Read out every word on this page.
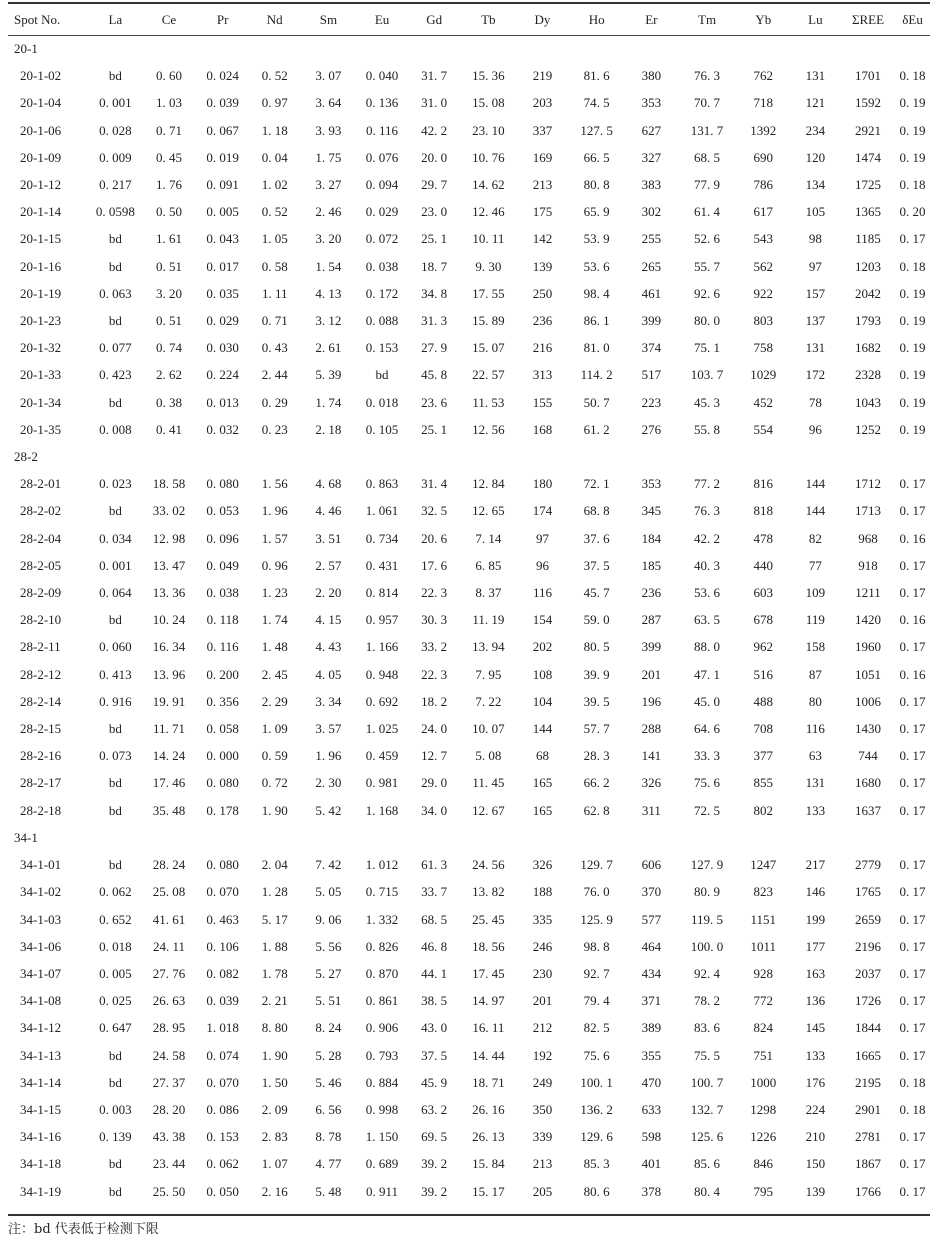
Spot No.	La	Ce	Pr	Nd	Sm	Eu	Gd	Tb	Dy	Ho	Er	Tm	Yb	Lu	ΣREE	δEu
20-1																
20-1-02	bd	0. 60	0. 024	0. 52	3. 07	0. 040	31. 7	15. 36	219	81. 6	380	76. 3	762	131	1701	0. 18
20-1-04	0. 001	1. 03	0. 039	0. 97	3. 64	0. 136	31. 0	15. 08	203	74. 5	353	70. 7	718	121	1592	0. 19
20-1-06	0. 028	0. 71	0. 067	1. 18	3. 93	0. 116	42. 2	23. 10	337	127. 5	627	131. 7	1392	234	2921	0. 19
20-1-09	0. 009	0. 45	0. 019	0. 04	1. 75	0. 076	20. 0	10. 76	169	66. 5	327	68. 5	690	120	1474	0. 19
20-1-12	0. 217	1. 76	0. 091	1. 02	3. 27	0. 094	29. 7	14. 62	213	80. 8	383	77. 9	786	134	1725	0. 18
20-1-14	0. 0598	0. 50	0. 005	0. 52	2. 46	0. 029	23. 0	12. 46	175	65. 9	302	61. 4	617	105	1365	0. 20
20-1-15	bd	1. 61	0. 043	1. 05	3. 20	0. 072	25. 1	10. 11	142	53. 9	255	52. 6	543	98	1185	0. 17
20-1-16	bd	0. 51	0. 017	0. 58	1. 54	0. 038	18. 7	9. 30	139	53. 6	265	55. 7	562	97	1203	0. 18
20-1-19	0. 063	3. 20	0. 035	1. 11	4. 13	0. 172	34. 8	17. 55	250	98. 4	461	92. 6	922	157	2042	0. 19
20-1-23	bd	0. 51	0. 029	0. 71	3. 12	0. 088	31. 3	15. 89	236	86. 1	399	80. 0	803	137	1793	0. 19
20-1-32	0. 077	0. 74	0. 030	0. 43	2. 61	0. 153	27. 9	15. 07	216	81. 0	374	75. 1	758	131	1682	0. 19
20-1-33	0. 423	2. 62	0. 224	2. 44	5. 39	bd	45. 8	22. 57	313	114. 2	517	103. 7	1029	172	2328	0. 19
20-1-34	bd	0. 38	0. 013	0. 29	1. 74	0. 018	23. 6	11. 53	155	50. 7	223	45. 3	452	78	1043	0. 19
20-1-35	0. 008	0. 41	0. 032	0. 23	2. 18	0. 105	25. 1	12. 56	168	61. 2	276	55. 8	554	96	1252	0. 19
28-2																
28-2-01	0. 023	18. 58	0. 080	1. 56	4. 68	0. 863	31. 4	12. 84	180	72. 1	353	77. 2	816	144	1712	0. 17
28-2-02	bd	33. 02	0. 053	1. 96	4. 46	1. 061	32. 5	12. 65	174	68. 8	345	76. 3	818	144	1713	0. 17
28-2-04	0. 034	12. 98	0. 096	1. 57	3. 51	0. 734	20. 6	7. 14	97	37. 6	184	42. 2	478	82	968	0. 16
28-2-05	0. 001	13. 47	0. 049	0. 96	2. 57	0. 431	17. 6	6. 85	96	37. 5	185	40. 3	440	77	918	0. 17
28-2-09	0. 064	13. 36	0. 038	1. 23	2. 20	0. 814	22. 3	8. 37	116	45. 7	236	53. 6	603	109	1211	0. 17
28-2-10	bd	10. 24	0. 118	1. 74	4. 15	0. 957	30. 3	11. 19	154	59. 0	287	63. 5	678	119	1420	0. 16
28-2-11	0. 060	16. 34	0. 116	1. 48	4. 43	1. 166	33. 2	13. 94	202	80. 5	399	88. 0	962	158	1960	0. 17
28-2-12	0. 413	13. 96	0. 200	2. 45	4. 05	0. 948	22. 3	7. 95	108	39. 9	201	47. 1	516	87	1051	0. 16
28-2-14	0. 916	19. 91	0. 356	2. 29	3. 34	0. 692	18. 2	7. 22	104	39. 5	196	45. 0	488	80	1006	0. 17
28-2-15	bd	11. 71	0. 058	1. 09	3. 57	1. 025	24. 0	10. 07	144	57. 7	288	64. 6	708	116	1430	0. 17
28-2-16	0. 073	14. 24	0. 000	0. 59	1. 96	0. 459	12. 7	5. 08	68	28. 3	141	33. 3	377	63	744	0. 17
28-2-17	bd	17. 46	0. 080	0. 72	2. 30	0. 981	29. 0	11. 45	165	66. 2	326	75. 6	855	131	1680	0. 17
28-2-18	bd	35. 48	0. 178	1. 90	5. 42	1. 168	34. 0	12. 67	165	62. 8	311	72. 5	802	133	1637	0. 17
34-1																
34-1-01	bd	28. 24	0. 080	2. 04	7. 42	1. 012	61. 3	24. 56	326	129. 7	606	127. 9	1247	217	2779	0. 17
34-1-02	0. 062	25. 08	0. 070	1. 28	5. 05	0. 715	33. 7	13. 82	188	76. 0	370	80. 9	823	146	1765	0. 17
34-1-03	0. 652	41. 61	0. 463	5. 17	9. 06	1. 332	68. 5	25. 45	335	125. 9	577	119. 5	1151	199	2659	0. 17
34-1-06	0. 018	24. 11	0. 106	1. 88	5. 56	0. 826	46. 8	18. 56	246	98. 8	464	100. 0	1011	177	2196	0. 17
34-1-07	0. 005	27. 76	0. 082	1. 78	5. 27	0. 870	44. 1	17. 45	230	92. 7	434	92. 4	928	163	2037	0. 17
34-1-08	0. 025	26. 63	0. 039	2. 21	5. 51	0. 861	38. 5	14. 97	201	79. 4	371	78. 2	772	136	1726	0. 17
34-1-12	0. 647	28. 95	1. 018	8. 80	8. 24	0. 906	43. 0	16. 11	212	82. 5	389	83. 6	824	145	1844	0. 17
34-1-13	bd	24. 58	0. 074	1. 90	5. 28	0. 793	37. 5	14. 44	192	75. 6	355	75. 5	751	133	1665	0. 17
34-1-14	bd	27. 37	0. 070	1. 50	5. 46	0. 884	45. 9	18. 71	249	100. 1	470	100. 7	1000	176	2195	0. 18
34-1-15	0. 003	28. 20	0. 086	2. 09	6. 56	0. 998	63. 2	26. 16	350	136. 2	633	132. 7	1298	224	2901	0. 18
34-1-16	0. 139	43. 38	0. 153	2. 83	8. 78	1. 150	69. 5	26. 13	339	129. 6	598	125. 6	1226	210	2781	0. 17
34-1-18	bd	23. 44	0. 062	1. 07	4. 77	0. 689	39. 2	15. 84	213	85. 3	401	85. 6	846	150	1867	0. 17
34-1-19	bd	25. 50	0. 050	2. 16	5. 48	0. 911	39. 2	15. 17	205	80. 6	378	80. 4	795	139	1766	0. 17
注：bd 代表低于检测下限
